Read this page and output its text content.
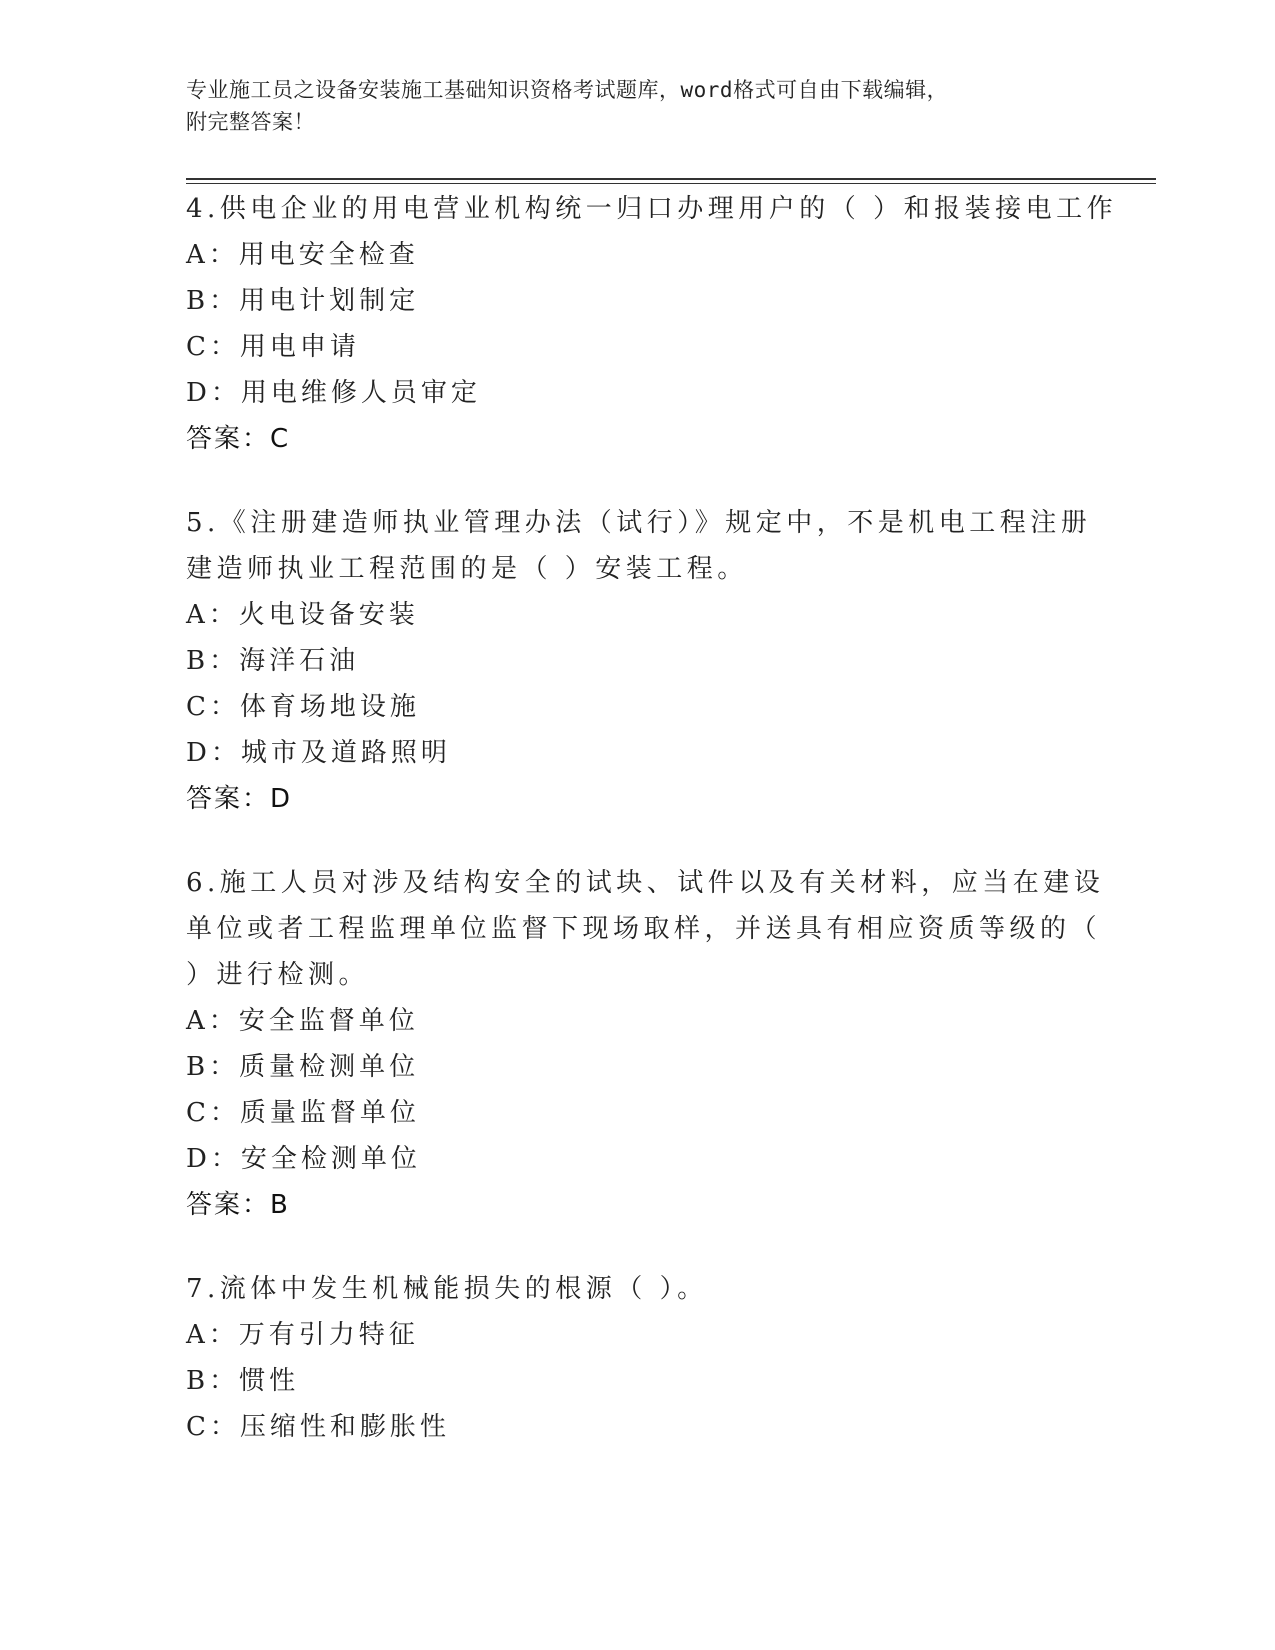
专业施工员之设备安装施工基础知识资格考试题库，word格式可自由下载编辑，
附完整答案！
4.供电企业的用电营业机构统一归口办理用户的（ ）和报装接电工作
A：用电安全检查
B：用电计划制定
C：用电申请
D：用电维修人员审定
答案：C
5.《注册建造师执业管理办法（试行）》规定中，不是机电工程注册
建造师执业工程范围的是（ ）安装工程。
A：火电设备安装
B：海洋石油
C：体育场地设施
D：城市及道路照明
答案：D
6.施工人员对涉及结构安全的试块、试件以及有关材料，应当在建设
单位或者工程监理单位监督下现场取样，并送具有相应资质等级的（
）进行检测。
A：安全监督单位
B：质量检测单位
C：质量监督单位
D：安全检测单位
答案：B
7.流体中发生机械能损失的根源（ ）。
A：万有引力特征
B：惯性
C：压缩性和膨胀性
